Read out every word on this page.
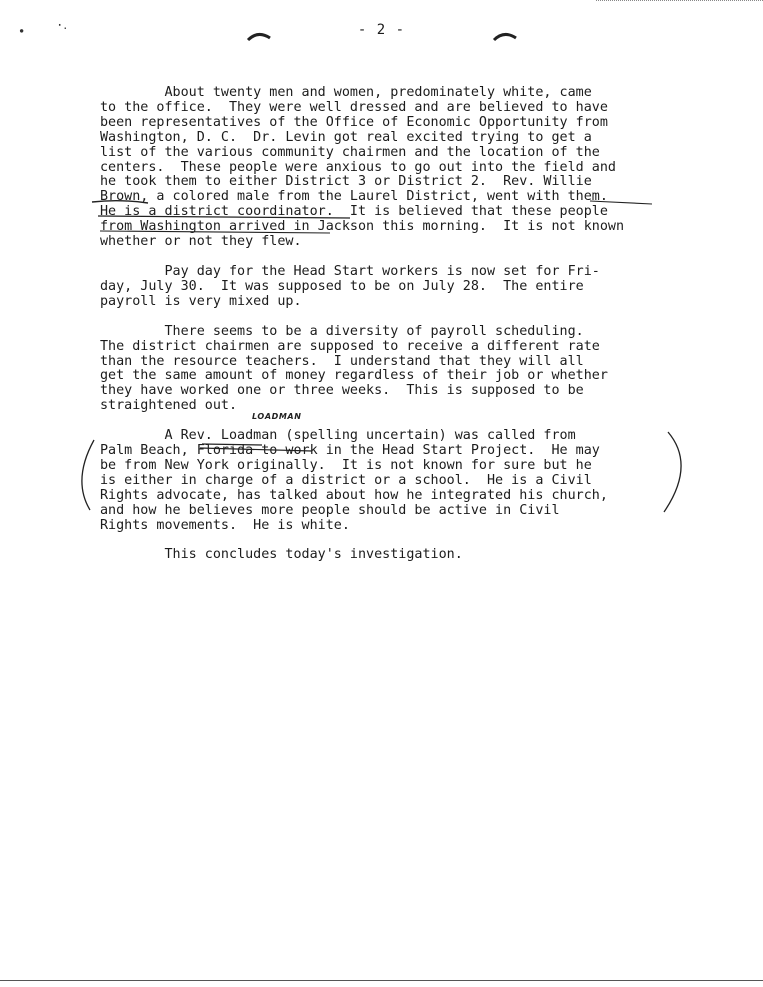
∙	⋅․	- 2 -

About twenty men and women, predominately white, came
to the office.  They were well dressed and are believed to have
been representatives of the Office of Economic Opportunity from
Washington, D. C.  Dr. Levin got real excited trying to get a
list of the various community chairmen and the location of the
centers.  These people were anxious to go out into the field and
he took them to either District 3 or District 2.  Rev. Willie
Brown, a colored male from the Laurel District, went with them.
He is a district coordinator.  It is believed that these people
from Washington arrived in Jackson this morning.  It is not known
whether or not they flew.

Pay day for the Head Start workers is now set for Fri-
day, July 30.  It was supposed to be on July 28.  The entire
payroll is very mixed up.

There seems to be a diversity of payroll scheduling.
The district chairmen are supposed to receive a different rate
than the resource teachers.  I understand that they will all
get the same amount of money regardless of their job or whether
they have worked one or three weeks.  This is supposed to be
straightened out.

A Rev. Loadman (spelling uncertain) was called from
Palm Beach, Florida to work in the Head Start Project.  He may
be from New York originally.  It is not known for sure but he
is either in charge of a district or a school.  He is a Civil
Rights advocate, has talked about how he integrated his church,
and how he believes more people should be active in Civil
Rights movements.  He is white.

This concludes today's investigation.

LOADMAN
